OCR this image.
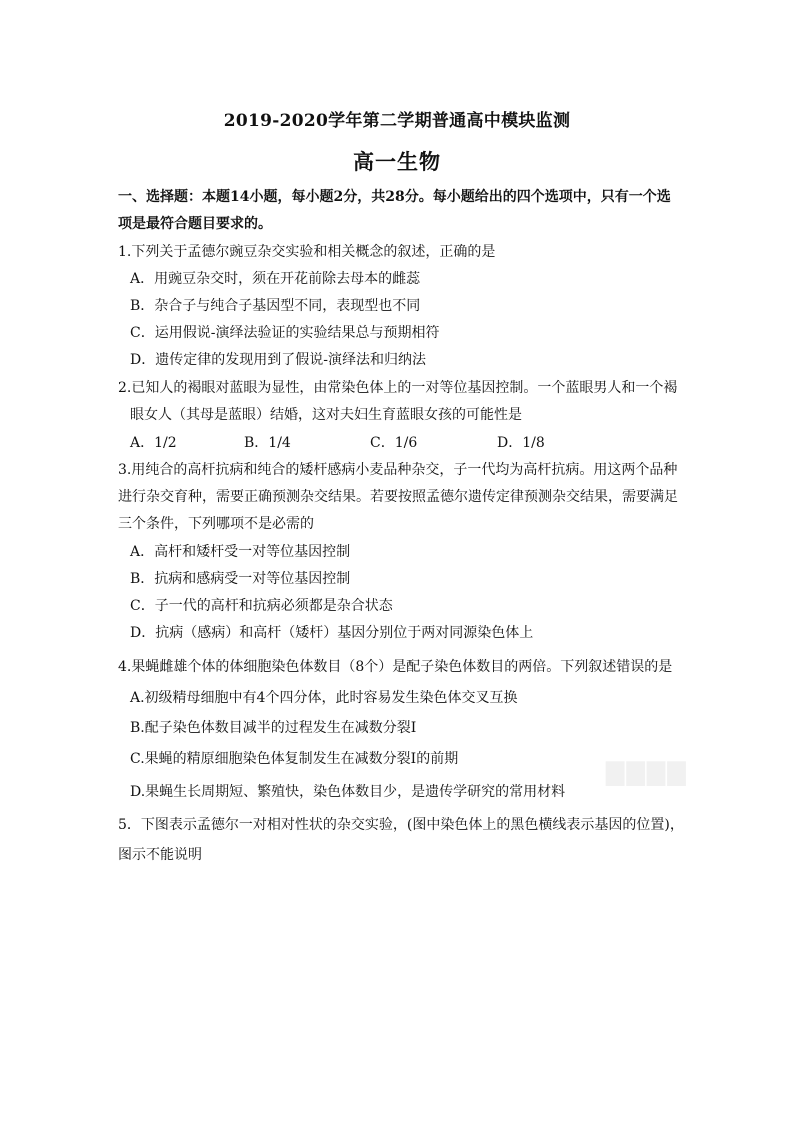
2019-2020学年第二学期普通高中模块监测
高一生物
一、选择题：本题14小题，每小题2分，共28分。每小题给出的四个选项中，只有一个选
项是最符合题目要求的。
1.下列关于孟德尔豌豆杂交实验和相关概念的叙述，正确的是
A．用豌豆杂交时，须在开花前除去母本的雌蕊
B．杂合子与纯合子基因型不同，表现型也不同
C．运用假说-演绎法验证的实验结果总与预期相符
D．遗传定律的发现用到了假说-演绎法和归纳法
2.已知人的褐眼对蓝眼为显性，由常染色体上的一对等位基因控制。一个蓝眼男人和一个褐
眼女人（其母是蓝眼）结婚，这对夫妇生育蓝眼女孩的可能性是
A．1/2	B．1/4	C．1/6	D．1/8
3.用纯合的高杆抗病和纯合的矮杆感病小麦品种杂交，子一代均为高杆抗病。用这两个品种
进行杂交育种，需要正确预测杂交结果。若要按照孟德尔遗传定律预测杂交结果，需要满足
三个条件，下列哪项不是必需的
A．高杆和矮杆受一对等位基因控制
B．抗病和感病受一对等位基因控制
C．子一代的高杆和抗病必须都是杂合状态
D．抗病（感病）和高杆（矮杆）基因分别位于两对同源染色体上
4.果蝇雌雄个体的体细胞染色体数目（8个）是配子染色体数目的两倍。下列叙述错误的是
A.初级精母细胞中有4个四分体，此时容易发生染色体交叉互换
B.配子染色体数目减半的过程发生在减数分裂Ⅰ
C.果蝇的精原细胞染色体复制发生在减数分裂Ⅰ的前期
D.果蝇生长周期短、繁殖快，染色体数目少，是遗传学研究的常用材料
5．下图表示孟德尔一对相对性状的杂交实验，(图中染色体上的黑色横线表示基因的位置)，
图示不能说明
▇▇▇▇
